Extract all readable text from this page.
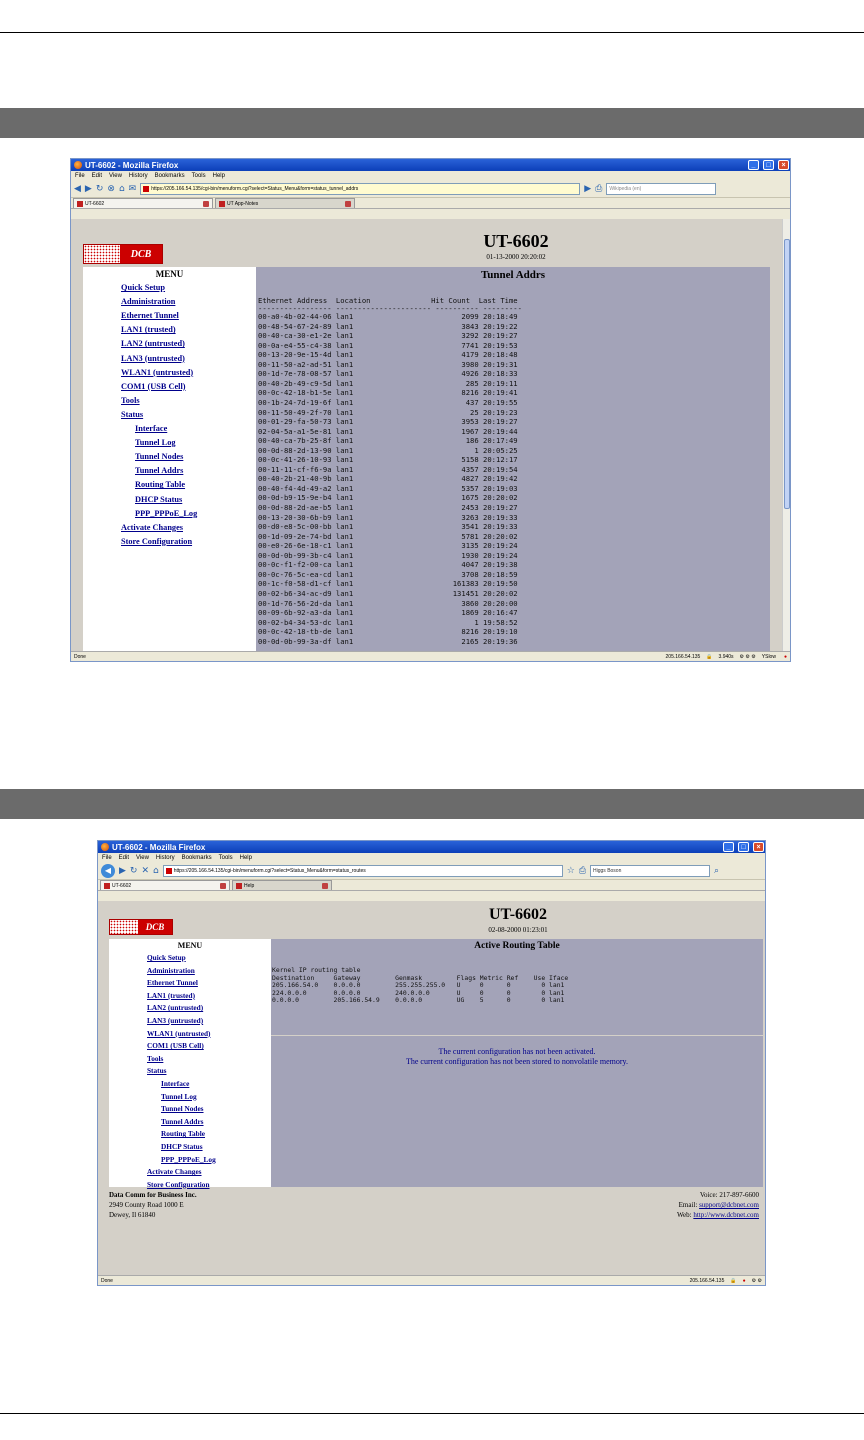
UT-6602 - Mozilla Firefox	_	□	×
File Edit View History Bookmarks Tools Help
◀ ▶ ↻ ⊗ ⌂ ✉	https://205.166.54.135/cgi-bin/menuform.cgi?select=Status_Menu&form=status_tunnel_addrs	▶ ⎙ Wikipedia (en)
UT-6602	UT App-Notes
DCB
UT-6602
01-13-2000 20:20:02
MENU
Quick Setup
Administration
Ethernet Tunnel
LAN1 (trusted)
LAN2 (untrusted)
LAN3 (untrusted)
WLAN1 (untrusted)
COM1 (USB Cell)
Tools
Status
Interface
Tunnel Log
Tunnel Nodes
Tunnel Addrs
Routing Table
DHCP Status
PPP_PPPoE_Log
Activate Changes
Store Configuration
Tunnel Addrs
Ethernet Address  Location              Hit Count  Last Time
----------------- ---------------------- ---------- ---------
00-a0-4b-02-44-06 lan1                         2099 20:18:49
00-48-54-67-24-89 lan1                         3843 20:19:22
00-40-ca-30-e1-2e lan1                         3292 20:19:27
00-0a-e4-55-c4-38 lan1                         7741 20:19:53
00-13-20-9e-15-4d lan1                         4179 20:18:48
00-11-50-a2-ad-51 lan1                         3980 20:19:31
00-1d-7e-78-08-57 lan1                         4926 20:18:33
00-40-2b-49-c9-5d lan1                          285 20:19:11
00-0c-42-18-b1-5e lan1                         8216 20:19:41
00-1b-24-7d-19-6f lan1                          437 20:19:55
00-11-50-49-2f-70 lan1                           25 20:19:23
00-01-29-fa-50-73 lan1                         3953 20:19:27
02-04-5a-a1-5e-81 lan1                         1967 20:19:44
00-40-ca-7b-25-8f lan1                          186 20:17:49
00-0d-88-2d-13-90 lan1                            1 20:05:25
00-0c-41-26-10-93 lan1                         5158 20:12:17
00-11-11-cf-f6-9a lan1                         4357 20:19:54
00-40-2b-21-40-9b lan1                         4827 20:19:42
00-40-f4-4d-49-a2 lan1                         5357 20:19:03
00-0d-b9-15-9e-b4 lan1                         1675 20:20:02
00-0d-88-2d-ae-b5 lan1                         2453 20:19:27
00-13-20-30-6b-b9 lan1                         3263 20:19:33
00-d0-e8-5c-00-bb lan1                         3541 20:19:33
00-1d-09-2e-74-bd lan1                         5781 20:20:02
00-e0-26-6e-18-c1 lan1                         3135 20:19:24
00-0d-0b-99-3b-c4 lan1                         1930 20:19:24
00-0c-f1-f2-00-ca lan1                         4047 20:19:38
00-0c-76-5c-ea-cd lan1                         3708 20:18:59
00-1c-f0-58-d1-cf lan1                       161383 20:19:50
00-02-b6-34-ac-d9 lan1                       131451 20:20:02
00-1d-76-56-2d-da lan1                         3860 20:20:00
00-09-6b-92-a3-da lan1                         1869 20:16:47
00-02-b4-34-53-dc lan1                            1 19:58:52
00-0c-42-18-tb-de lan1                         8216 20:19:10
00-0d-0b-99-3a-df lan1                         2165 20:19:36
Done	205.166.54.135 🔒 3.940s ⚙ ⚙ ⚙ YSlow ●
UT-6602 - Mozilla Firefox	_	□	×
File Edit View History Bookmarks Tools Help
◀ ▶ ↻ ✕ ⌂	https://205.166.54.135/cgi-bin/menuform.cgi?select=Status_Menu&form=status_routes	☆ ⎙ Higgs Boson	⌕
UT-6602	Help
DCB
UT-6602
02-08-2000 01:23:01
MENU
Quick Setup
Administration
Ethernet Tunnel
LAN1 (trusted)
LAN2 (untrusted)
LAN3 (untrusted)
WLAN1 (untrusted)
COM1 (USB Cell)
Tools
Status
Interface
Tunnel Log
Tunnel Nodes
Tunnel Addrs
Routing Table
DHCP Status
PPP_PPPoE_Log
Activate Changes
Store Configuration
Active Routing Table
Kernel IP routing table
Destination     Gateway         Genmask         Flags Metric Ref    Use Iface
205.166.54.0    0.0.0.0         255.255.255.0   U     0      0        0 lan1
224.0.0.0       0.0.0.0         240.0.0.0       U     0      0        0 lan1
0.0.0.0         205.166.54.9    0.0.0.0         UG    5      0        0 lan1
The current configuration has not been activated.
The current configuration has not been stored to nonvolatile memory.
Data Comm for Business Inc.
2949 County Road 1000 E
Dewey, Il 61840
Voice: 217-897-6600
Email: support@dcbnet.com
Web: http://www.dcbnet.com
Done	205.166.54.135 🔒 ● ⚙ ⚙
